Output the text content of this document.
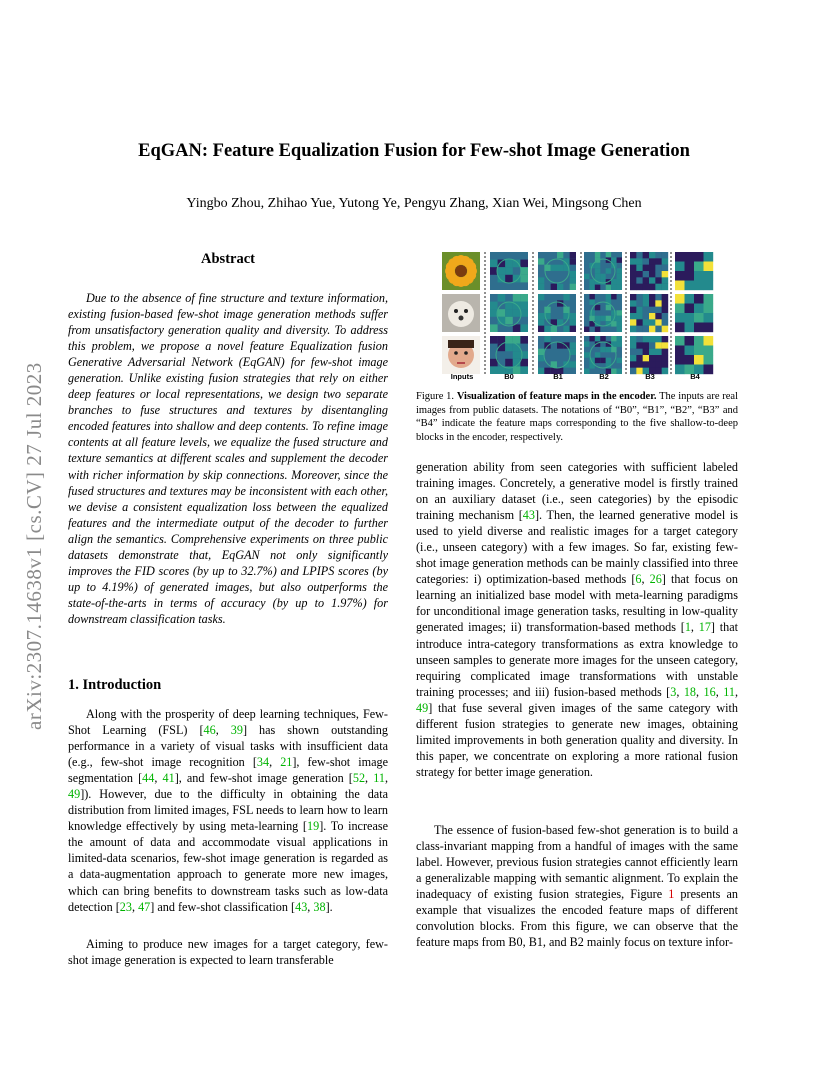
arXiv:2307.14638v1 [cs.CV] 27 Jul 2023
EqGAN: Feature Equalization Fusion for Few-shot Image Generation
Yingbo Zhou, Zhihao Yue, Yutong Ye, Pengyu Zhang, Xian Wei, Mingsong Chen
Abstract
Due to the absence of fine structure and texture information, existing fusion-based few-shot image generation methods suffer from unsatisfactory generation quality and diversity. To address this problem, we propose a novel feature Equalization fusion Generative Adversarial Network (EqGAN) for few-shot image generation. Unlike existing fusion strategies that rely on either deep features or local representations, we design two separate branches to fuse structures and textures by disentangling encoded features into shallow and deep contents. To refine image contents at all feature levels, we equalize the fused structure and texture semantics at different scales and supplement the decoder with richer information by skip connections. Moreover, since the fused structures and textures may be inconsistent with each other, we devise a consistent equalization loss between the equalized features and the intermediate output of the decoder to further align the semantics. Comprehensive experiments on three public datasets demonstrate that, EqGAN not only significantly improves the FID scores (by up to 32.7%) and LPIPS scores (by up to 4.19%) of generated images, but also outperforms the state-of-the-arts in terms of accuracy (by up to 1.97%) for downstream classification tasks.
1. Introduction
Along with the prosperity of deep learning techniques, Few-Shot Learning (FSL) [46, 39] has shown outstanding performance in a variety of visual tasks with insufficient data (e.g., few-shot image recognition [34, 21], few-shot image segmentation [44, 41], and few-shot image generation [52, 11, 49]). However, due to the difficulty in obtaining the data distribution from limited images, FSL needs to learn how to learn knowledge effectively by using meta-learning [19]. To increase the amount of data and accommodate visual applications in limited-data scenarios, few-shot image generation is regarded as a data-augmentation approach to generate more new images, which can bring benefits to downstream tasks such as low-data detection [23, 47] and few-shot classification [43, 38].
Aiming to produce new images for a target category, few-shot image generation is expected to learn transferable
Inputs	B0	B1	B2	B3	B4
Figure 1. Visualization of feature maps in the encoder. The inputs are real images from public datasets. The notations of “B0”, “B1”, “B2”, “B3” and “B4” indicate the feature maps corresponding to the five shallow-to-deep blocks in the encoder, respectively.
generation ability from seen categories with sufficient labeled training images. Concretely, a generative model is firstly trained on an auxiliary dataset (i.e., seen categories) by the episodic training mechanism [43]. Then, the learned generative model is used to yield diverse and realistic images for a target category (i.e., unseen category) with a few images. So far, existing few-shot image generation methods can be mainly classified into three categories: i) optimization-based methods [6, 26] that focus on learning an initialized base model with meta-learning paradigms for unconditional image generation tasks, resulting in low-quality generated images; ii) transformation-based methods [1, 17] that introduce intra-category transformations as extra knowledge to unseen samples to generate more images for the unseen category, requiring complicated image transformations with unstable training processes; and iii) fusion-based methods [3, 18, 16, 11, 49] that fuse several given images of the same category with different fusion strategies to generate new images, obtaining limited improvements in both generation quality and diversity. In this paper, we concentrate on exploring a more rational fusion strategy for better image generation.
The essence of fusion-based few-shot generation is to build a class-invariant mapping from a handful of images with the same label. However, previous fusion strategies cannot efficiently learn a generalizable mapping with semantic alignment. To explain the inadequacy of existing fusion strategies, Figure 1 presents an example that visualizes the encoded feature maps of different convolution blocks. From this figure, we can observe that the feature maps from B0, B1, and B2 mainly focus on texture infor-
